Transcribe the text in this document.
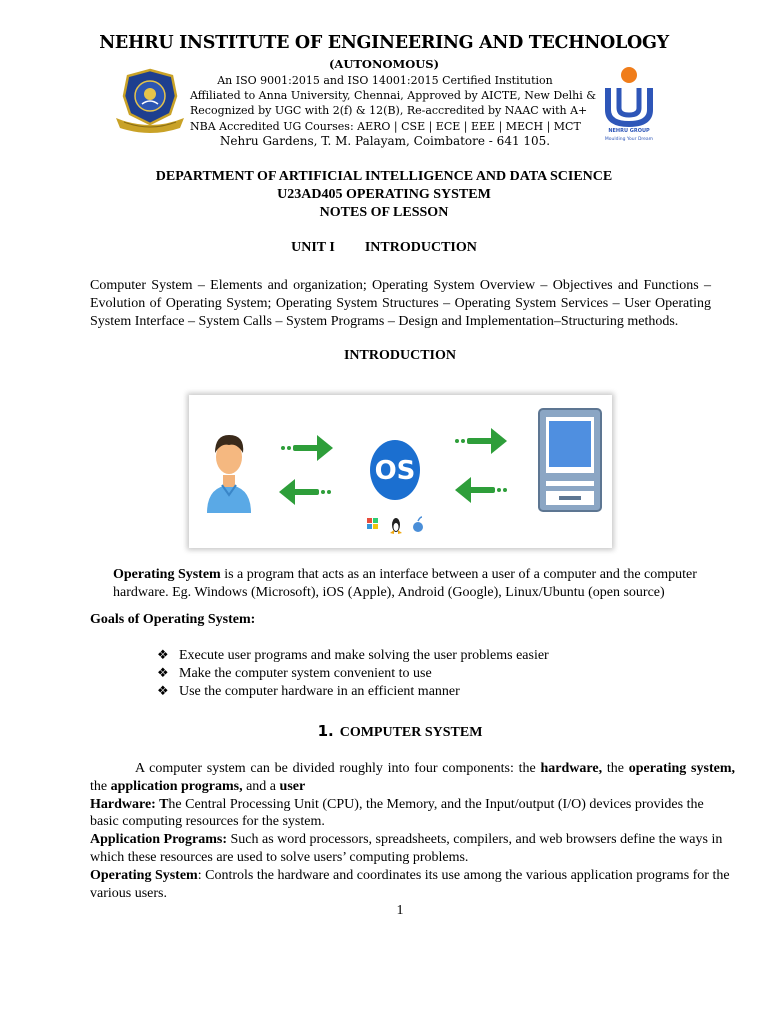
NEHRU INSTITUTE OF ENGINEERING AND TECHNOLOGY
(AUTONOMOUS)
An ISO 9001:2015 and ISO 14001:2015 Certified Institution
Affiliated to Anna University, Chennai, Approved by AICTE, New Delhi &
Recognized by UGC with 2(f) & 12(B), Re-accredited by NAAC with A+
NBA Accredited UG Courses: AERO | CSE | ECE | EEE | MECH | MCT
Nehru Gardens, T. M. Palayam, Coimbatore - 641 105.
NEHRU GROUP
Moulding Your Dream
DEPARTMENT OF ARTIFICIAL INTELLIGENCE AND DATA SCIENCE
U23AD405 OPERATING SYSTEM
NOTES OF LESSON
UNIT I INTRODUCTION

Computer System – Elements and organization; Operating System Overview – Objectives and Functions – Evolution of Operating System; Operating System Structures – Operating System Services – User Operating System Interface – System Calls – System Programs – Design and Implementation–Structuring methods.

INTRODUCTION
OS
Operating System is a program that acts as an interface between a user of a computer and the computer hardware. Eg. Windows (Microsoft), iOS (Apple), Android (Google), Linux/Ubuntu (open source)
Goals of Operating System:
❖ Execute user programs and make solving the user problems easier
❖ Make the computer system convenient to use
❖ Use the computer hardware in an efficient manner
1. COMPUTER SYSTEM

A computer system can be divided roughly into four components: the hardware, the operating system, the application programs, and a user

Hardware: The Central Processing Unit (CPU), the Memory, and the Input/output (I/O) devices provides the basic computing resources for the system.

Application Programs: Such as word processors, spreadsheets, compilers, and web browsers define the ways in which these resources are used to solve users’ computing problems.

Operating System: Controls the hardware and coordinates its use among the various application programs for the various users.

1
